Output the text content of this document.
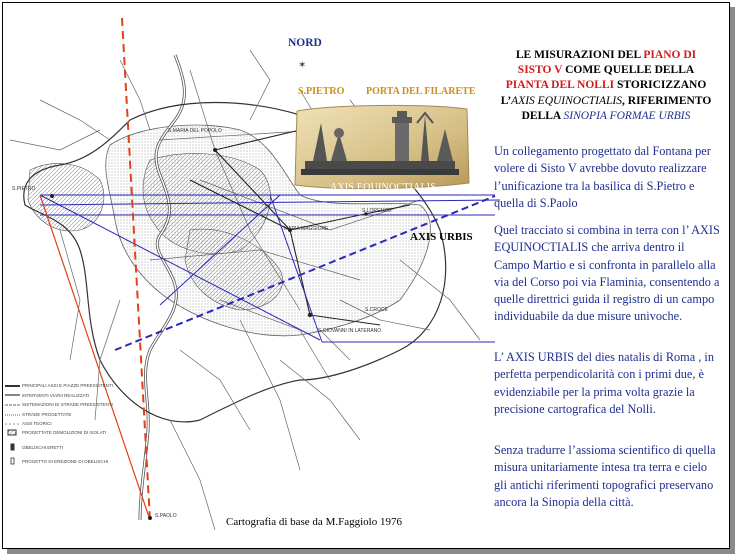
PRINCIPALI ASSI E PIAZZE PREESISTENTI
INTERVENTI VIARII REALIZZATI
SISTEMAZIONI DI STRADE PREESISTENTI
STRADE PROGETTATE
ASSI TEORICI
PROGETTATE DEMOLIZIONI DI ISOLATI
OBELISCHI ERETTI
PROGETTO DI EREZIONE DI OBELISCHI
S.MARIA DEL POPOLO
S.LORENZO
MARIA MAGGIORE
S.CROCE
S.GIOVANNI IN LATERANO
S.PAOLO
S.PIETRO
NORD
✶
S.PIETRO PORTA DEL FILARETE
AXIS EQUINOCTIALIS
AXIS URBIS
Cartografia di base da M.Faggiolo 1976
LE MISURAZIONI DEL PIANO DI SISTO V COME QUELLE DELLA PIANTA DEL NOLLI STORICIZZANO L’AXIS EQUINOCTIALIS, RIFERIMENTO DELLA SINOPIA FORMAE URBIS
Un collegamento progettato dal Fontana per volere di Sisto V avrebbe dovuto realizzare l’unificazione tra la basilica di S.Pietro e quella di S.Paolo
Quel tracciato si combina in terra con l’ AXIS EQUINOCTIALIS che arriva dentro il Campo Martio e si confronta in parallelo alla via del Corso poi via Flaminia, consentendo a quelle direttrici guida il registro di un campo individuabile da due misure univoche.
L’ AXIS URBIS del dies natalis di Roma , in perfetta perpendicolarità con i primi due, è evidenziabile per la prima volta grazie la precisione cartografica del Nolli.
Senza tradurre l’assioma scientifico di quella misura unitariamente intesa tra terra e cielo gli antichi riferimenti topografici preservano ancora la Sinopia della città.
